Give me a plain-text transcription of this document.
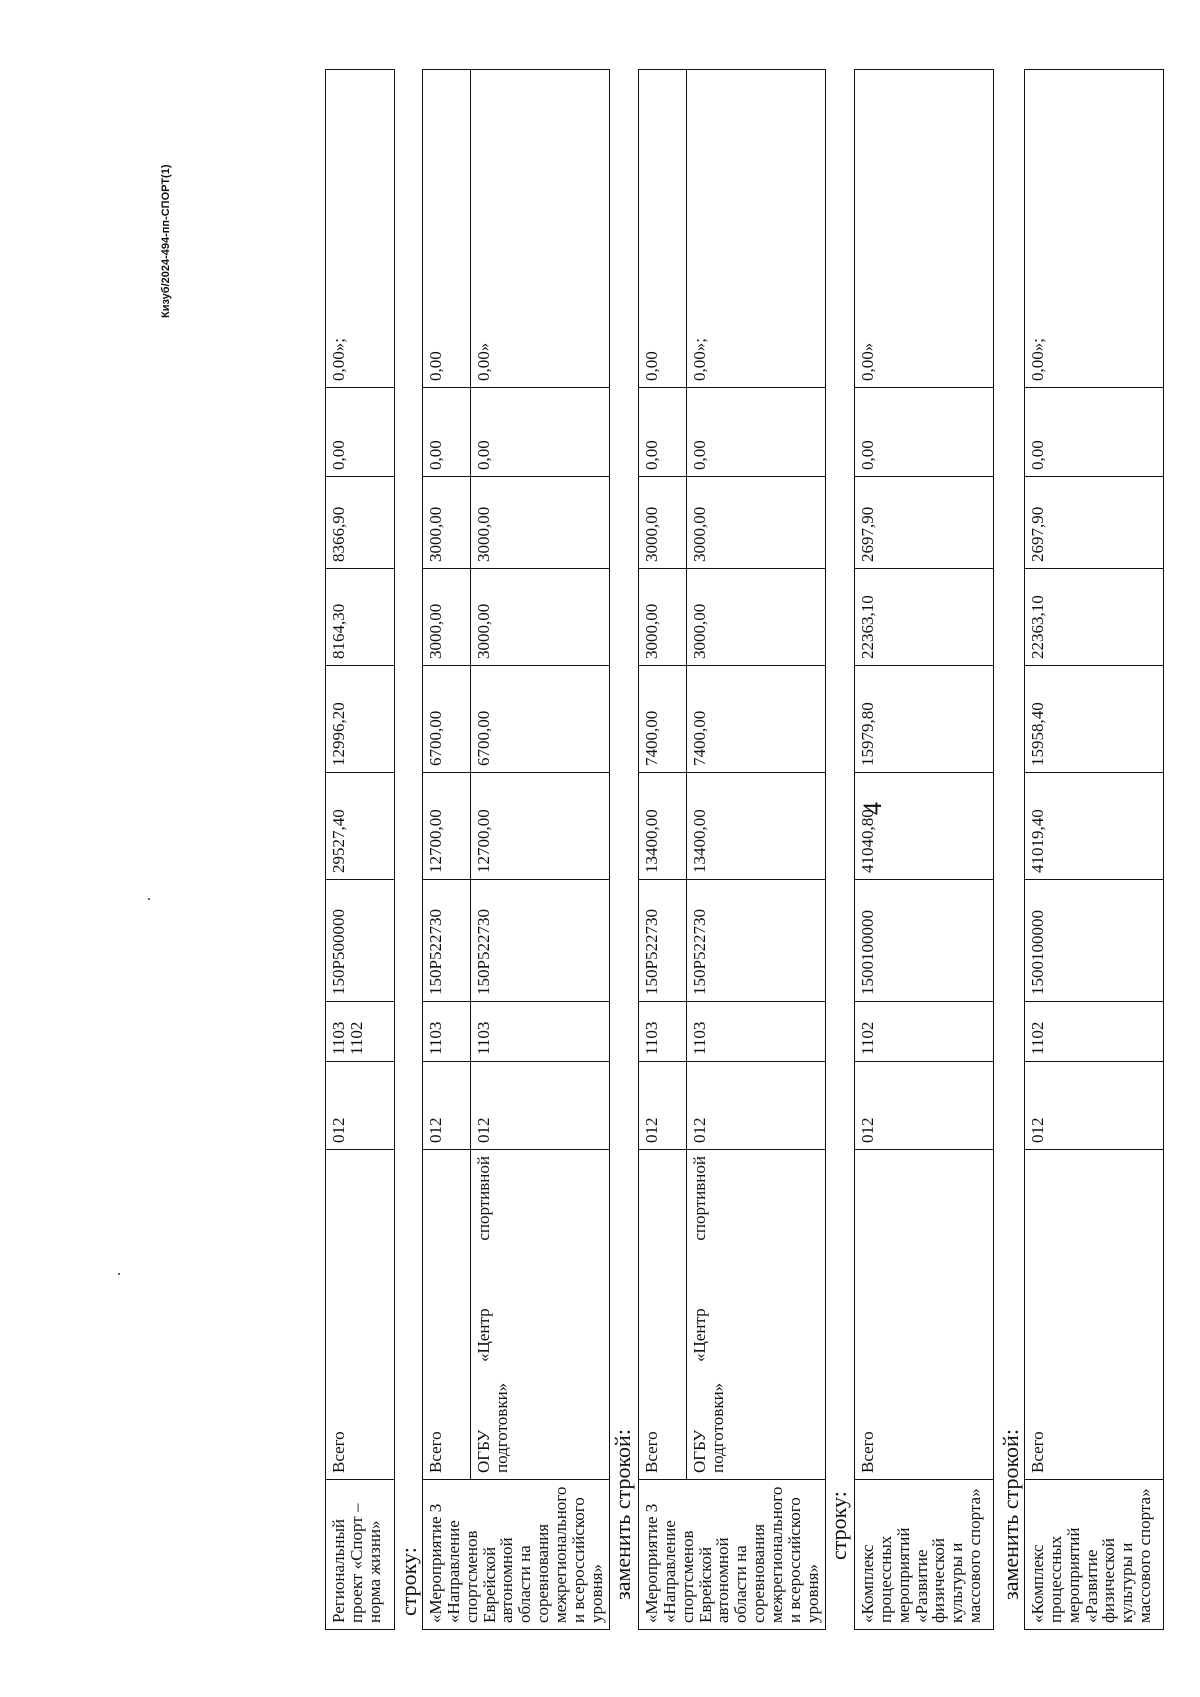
4
Кизуб/2024-494-пп-СПОРТ(1)
Региональный проект «Спорт – норма жизни»	Всего	012	1103 1102	150P500000	29527,40	12996,20	8164,30	8366,90	0,00	0,00»;
строку: «Мероприятие 3 «Направление спортсменов Еврейской автономной области на соревнования межрегионального и всероссийского уровня»	Всего	012	1103	150P522730	12700,00	6700,00	3000,00	3000,00	0,00	0,00

	ОГБУ «Центр спортивной
подготовки»	012	1103	150P522730	12700,00	6700,00	3000,00	3000,00	0,00	0,00»
заменить строкой: «Мероприятие 3 «Направление спортсменов Еврейской автономной области на соревнования межрегионального и всероссийского уровня»	Всего	012	1103	150P522730	13400,00	7400,00	3000,00	3000,00	0,00	0,00

	ОГБУ «Центр спортивной
подготовки»	012	1103	150P522730	13400,00	7400,00	3000,00	3000,00	0,00	0,00»;
строку:
«Комплекс процессных мероприятий «Развитие физической культуры и массового спорта»	Всего	012	1102	1500100000	41040,80	15979,80	22363,10	2697,90	0,00	0,00»
заменить строкой: «Комплекс процессных мероприятий «Развитие физической культуры и массового спорта»	Всего	012	1102	1500100000	41019,40	15958,40	22363,10	2697,90	0,00	0,00»;
